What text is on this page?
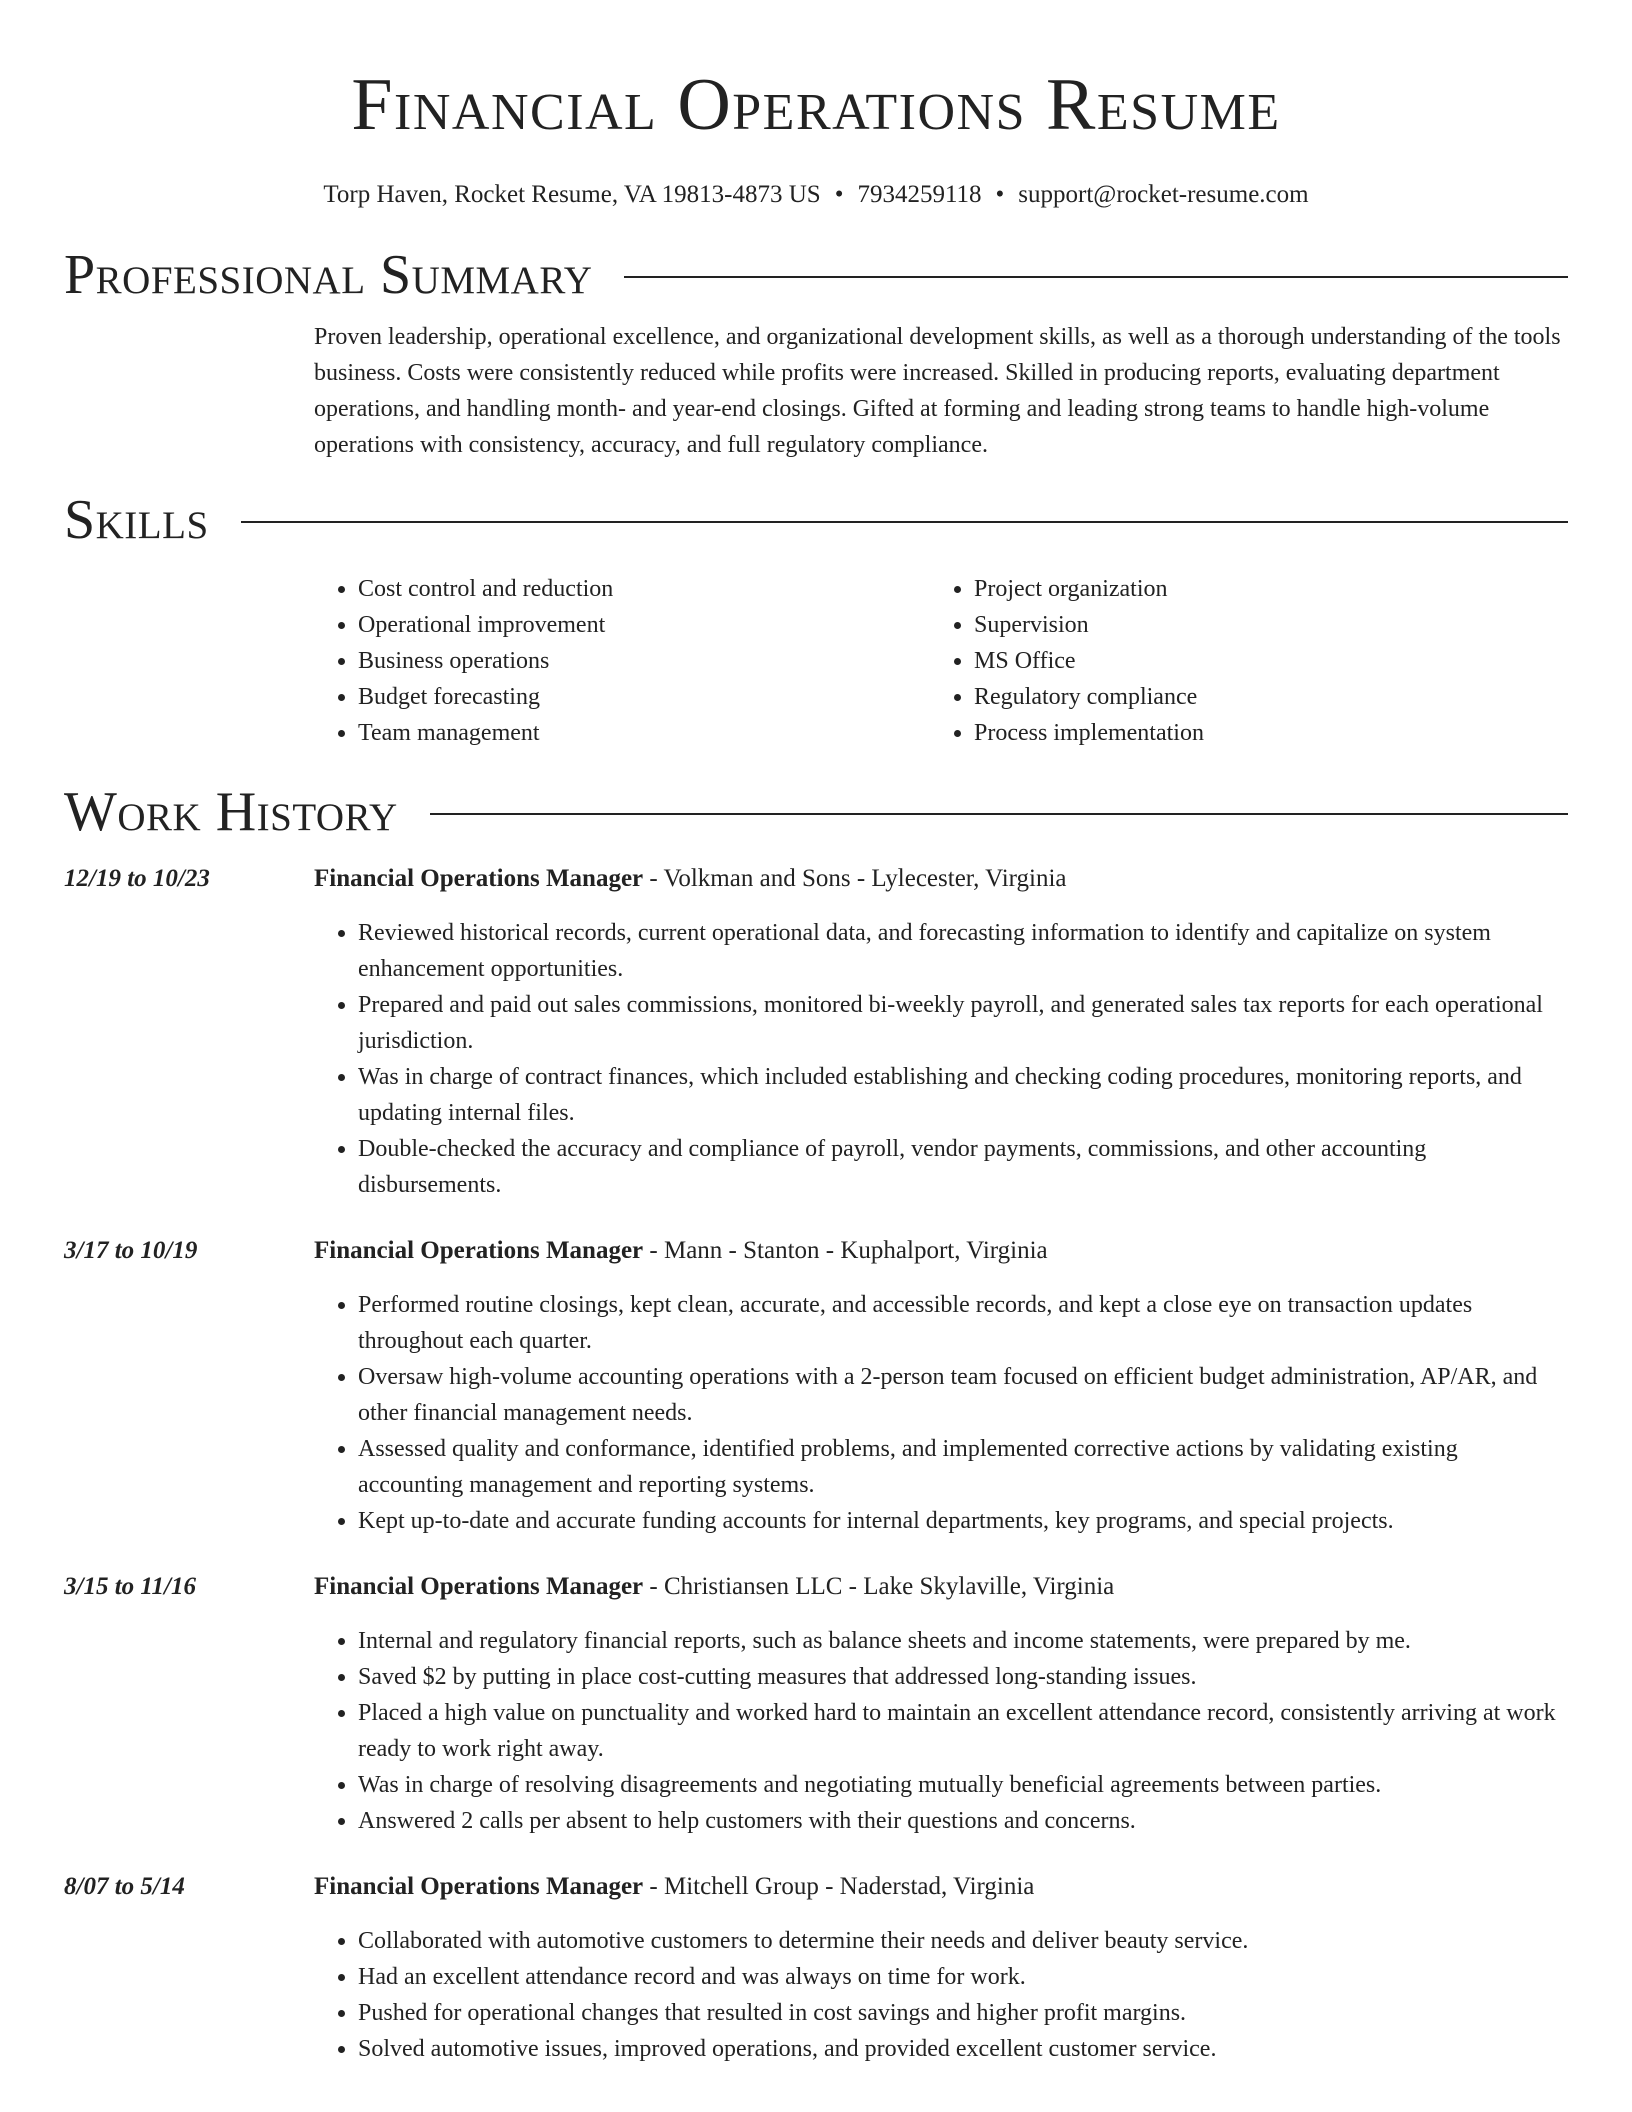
Financial Operations Resume
Torp Haven, Rocket Resume, VA 19813-4873 US • 7934259118 • support@rocket-resume.com
Professional Summary
Proven leadership, operational excellence, and organizational development skills, as well as a thorough understanding of the tools business. Costs were consistently reduced while profits were increased. Skilled in producing reports, evaluating department operations, and handling month- and year-end closings. Gifted at forming and leading strong teams to handle high-volume operations with consistency, accuracy, and full regulatory compliance.
Skills
• Cost control and reduction
• Operational improvement
• Business operations
• Budget forecasting
• Team management
• Project organization
• Supervision
• MS Office
• Regulatory compliance
• Process implementation
Work History
12/19 to 10/23	Financial Operations Manager - Volkman and Sons - Lylecester, Virginia
• Reviewed historical records, current operational data, and forecasting information to identify and capitalize on system enhancement opportunities.
• Prepared and paid out sales commissions, monitored bi-weekly payroll, and generated sales tax reports for each operational jurisdiction.
• Was in charge of contract finances, which included establishing and checking coding procedures, monitoring reports, and updating internal files.
• Double-checked the accuracy and compliance of payroll, vendor payments, commissions, and other accounting disbursements.
3/17 to 10/19	Financial Operations Manager - Mann - Stanton - Kuphalport, Virginia
• Performed routine closings, kept clean, accurate, and accessible records, and kept a close eye on transaction updates throughout each quarter.
• Oversaw high-volume accounting operations with a 2-person team focused on efficient budget administration, AP/AR, and other financial management needs.
• Assessed quality and conformance, identified problems, and implemented corrective actions by validating existing accounting management and reporting systems.
• Kept up-to-date and accurate funding accounts for internal departments, key programs, and special projects.
3/15 to 11/16	Financial Operations Manager - Christiansen LLC - Lake Skylaville, Virginia
• Internal and regulatory financial reports, such as balance sheets and income statements, were prepared by me.
• Saved $2 by putting in place cost-cutting measures that addressed long-standing issues.
• Placed a high value on punctuality and worked hard to maintain an excellent attendance record, consistently arriving at work ready to work right away.
• Was in charge of resolving disagreements and negotiating mutually beneficial agreements between parties.
• Answered 2 calls per absent to help customers with their questions and concerns.
8/07 to 5/14	Financial Operations Manager - Mitchell Group - Naderstad, Virginia
• Collaborated with automotive customers to determine their needs and deliver beauty service.
• Had an excellent attendance record and was always on time for work.
• Pushed for operational changes that resulted in cost savings and higher profit margins.
• Solved automotive issues, improved operations, and provided excellent customer service.
